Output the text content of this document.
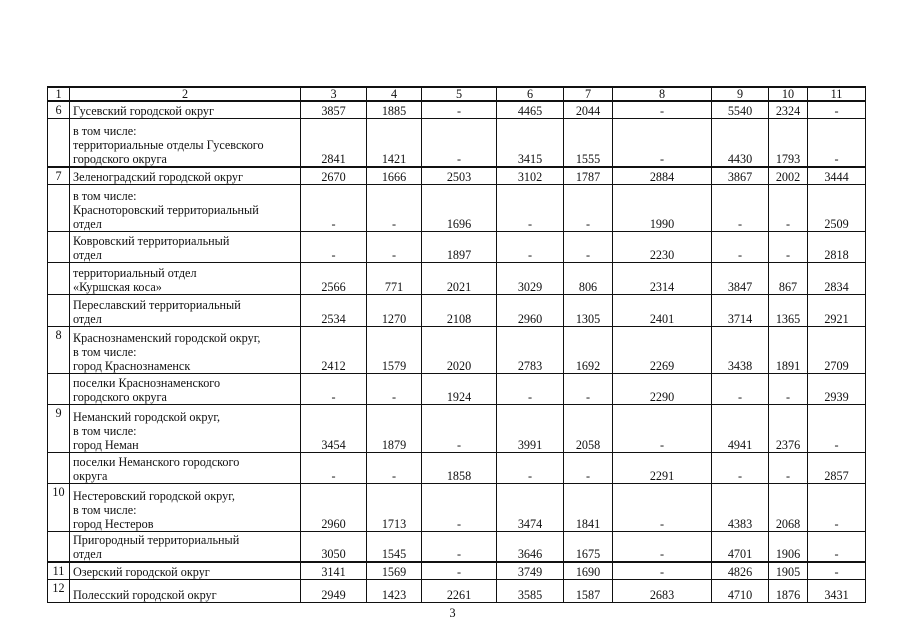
1	2	3	4	5	6	7	8	9	10	11
6	Гусевский городской округ	3857	1885	-	4465	2044	-	5540	2324	-
	в том числе:
территориальные отделы Гусевского
городского округа	2841	1421	-	3415	1555	-	4430	1793	-
7	Зеленоградский городской округ	2670	1666	2503	3102	1787	2884	3867	2002	3444
	в том числе:
Красноторовский территориальный
отдел	-	-	1696	-	-	1990	-	-	2509
	Ковровский территориальный
отдел	-	-	1897	-	-	2230	-	-	2818
	территориальный отдел
«Куршская коса»	2566	771	2021	3029	806	2314	3847	867	2834
	Переславский территориальный
отдел	2534	1270	2108	2960	1305	2401	3714	1365	2921
8	Краснознаменский городской округ,
в том числе:
город Краснознаменск	2412	1579	2020	2783	1692	2269	3438	1891	2709
	поселки Краснознаменского
городского округа	-	-	1924	-	-	2290	-	-	2939
9	Неманский городской округ,
в том числе:
город Неман	3454	1879	-	3991	2058	-	4941	2376	-
	поселки Неманского городского
округа	-	-	1858	-	-	2291	-	-	2857
10	Нестеровский городской округ,
в том числе:
город Нестеров	2960	1713	-	3474	1841	-	4383	2068	-
	Пригородный территориальный
отдел	3050	1545	-	3646	1675	-	4701	1906	-
11	Озерский городской округ	3141	1569	-	3749	1690	-	4826	1905	-
12	Полесский городской округ	2949	1423	2261	3585	1587	2683	4710	1876	3431
3
